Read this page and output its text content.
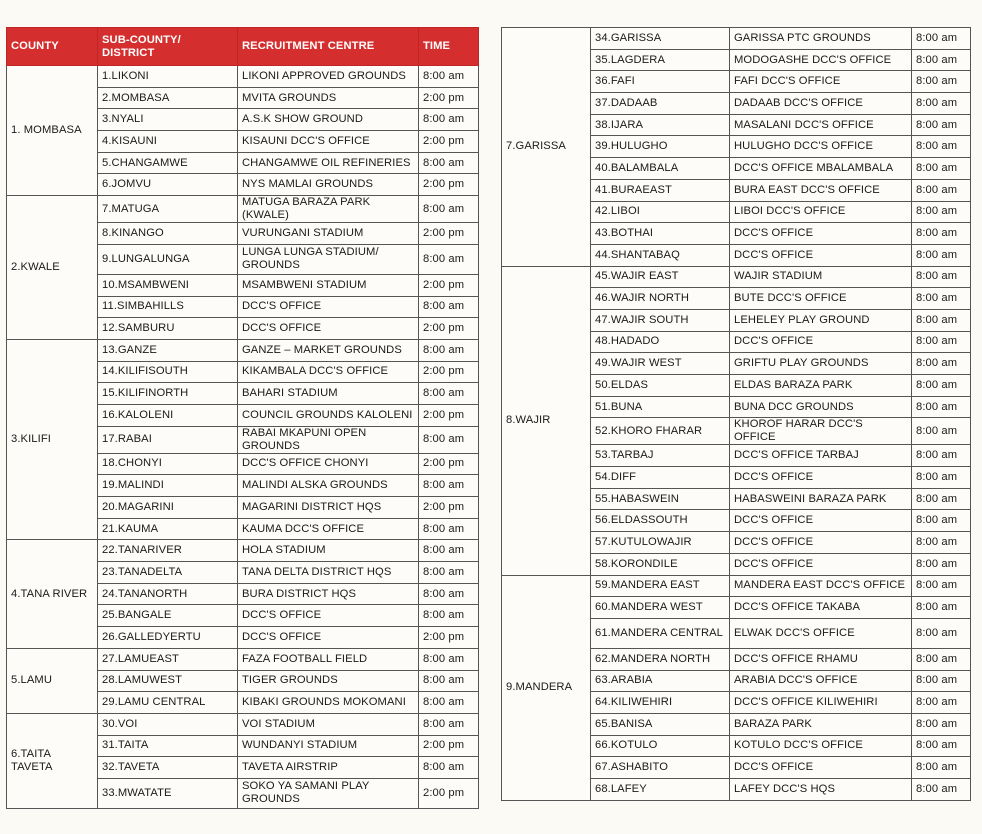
COUNTY	SUB-COUNTY/ DISTRICT	RECRUITMENT CENTRE	TIME
1. MOMBASA	1.LIKONI	LIKONI APPROVED GROUNDS	8:00 am
	2.MOMBASA	MVITA GROUNDS	2:00 pm
	3.NYALI	A.S.K SHOW GROUND	8:00 am
	4.KISAUNI	KISAUNI DCC'S OFFICE	2:00 pm
	5.CHANGAMWE	CHANGAMWE OIL REFINERIES	8:00 am
	6.JOMVU	NYS MAMLAI GROUNDS	2:00 pm
2.KWALE	7.MATUGA	MATUGA BARAZA PARK (KWALE)	8:00 am
	8.KINANGO	VURUNGANI STADIUM	2:00 pm
	9.LUNGALUNGA	LUNGA LUNGA STADIUM/ GROUNDS	8:00 am
	10.MSAMBWENI	MSAMBWENI STADIUM	2:00 pm
	11.SIMBAHILLS	DCC'S OFFICE	8:00 am
	12.SAMBURU	DCC'S OFFICE	2:00 pm
3.KILIFI	13.GANZE	GANZE – MARKET GROUNDS	8:00 am
	14.KILIFISOUTH	KIKAMBALA DCC'S OFFICE	2:00 pm
	15.KILIFINORTH	BAHARI STADIUM	8:00 am
	16.KALOLENI	COUNCIL GROUNDS KALOLENI	2:00 pm
	17.RABAI	RABAI MKAPUNI OPEN GROUNDS	8:00 am
	18.CHONYI	DCC'S OFFICE CHONYI	2:00 pm
	19.MALINDI	MALINDI ALSKA GROUNDS	8:00 am
	20.MAGARINI	MAGARINI DISTRICT HQS	2:00 pm
	21.KAUMA	KAUMA DCC'S OFFICE	8:00 am
4.TANA RIVER	22.TANARIVER	HOLA STADIUM	8:00 am
	23.TANADELTA	TANA DELTA DISTRICT HQS	8:00 am
	24.TANANORTH	BURA DISTRICT HQS	8:00 am
	25.BANGALE	DCC'S OFFICE	8:00 am
	26.GALLEDYERTU	DCC'S OFFICE	2:00 pm
5.LAMU	27.LAMUEAST	FAZA FOOTBALL FIELD	8:00 am
	28.LAMUWEST	TIGER GROUNDS	8:00 am
	29.LAMU CENTRAL	KIBAKI GROUNDS MOKOMANI	8:00 am
6.TAITA TAVETA	30.VOI	VOI STADIUM	8:00 am
	31.TAITA	WUNDANYI STADIUM	2:00 pm
	32.TAVETA	TAVETA AIRSTRIP	8:00 am
	33.MWATATE	SOKO YA SAMANI PLAY GROUNDS	2:00 pm
7.GARISSA	34.GARISSA	GARISSA PTC GROUNDS	8:00 am
	35.LAGDERA	MODOGASHE DCC'S OFFICE	8:00 am
	36.FAFI	FAFI DCC'S OFFICE	8:00 am
	37.DADAAB	DADAAB DCC'S OFFICE	8:00 am
	38.IJARA	MASALANI DCC'S OFFICE	8:00 am
	39.HULUGHO	HULUGHO DCC'S OFFICE	8:00 am
	40.BALAMBALA	DCC'S OFFICE MBALAMBALA	8:00 am
	41.BURAEAST	BURA EAST DCC'S OFFICE	8:00 am
	42.LIBOI	LIBOI DCC'S OFFICE	8:00 am
	43.BOTHAI	DCC'S OFFICE	8:00 am
	44.SHANTABAQ	DCC'S OFFICE	8:00 am
8.WAJIR	45.WAJIR EAST	WAJIR STADIUM	8:00 am
	46.WAJIR NORTH	BUTE DCC'S OFFICE	8:00 am
	47.WAJIR SOUTH	LEHELEY PLAY GROUND	8:00 am
	48.HADADO	DCC'S OFFICE	8:00 am
	49.WAJIR WEST	GRIFTU PLAY GROUNDS	8:00 am
	50.ELDAS	ELDAS BARAZA PARK	8:00 am
	51.BUNA	BUNA DCC GROUNDS	8:00 am
	52.KHORO FHARAR	KHOROF HARAR DCC'S OFFICE	8:00 am
	53.TARBAJ	DCC'S OFFICE TARBAJ	8:00 am
	54.DIFF	DCC'S OFFICE	8:00 am
	55.HABASWEIN	HABASWEINI BARAZA PARK	8:00 am
	56.ELDASSOUTH	DCC'S OFFICE	8:00 am
	57.KUTULOWAJIR	DCC'S OFFICE	8:00 am
	58.KORONDILE	DCC'S OFFICE	8:00 am
9.MANDERA	59.MANDERA EAST	MANDERA EAST DCC'S OFFICE	8:00 am
	60.MANDERA WEST	DCC'S OFFICE TAKABA	8:00 am
	61.MANDERA CENTRAL	ELWAK DCC'S OFFICE	8:00 am
	62.MANDERA NORTH	DCC'S OFFICE RHAMU	8:00 am
	63.ARABIA	ARABIA DCC'S OFFICE	8:00 am
	64.KILIWEHIRI	DCC'S OFFICE KILIWEHIRI	8:00 am
	65.BANISA	BARAZA PARK	8:00 am
	66.KOTULO	KOTULO DCC'S OFFICE	8:00 am
	67.ASHABITO	DCC'S OFFICE	8:00 am
	68.LAFEY	LAFEY DCC'S HQS	8:00 am
